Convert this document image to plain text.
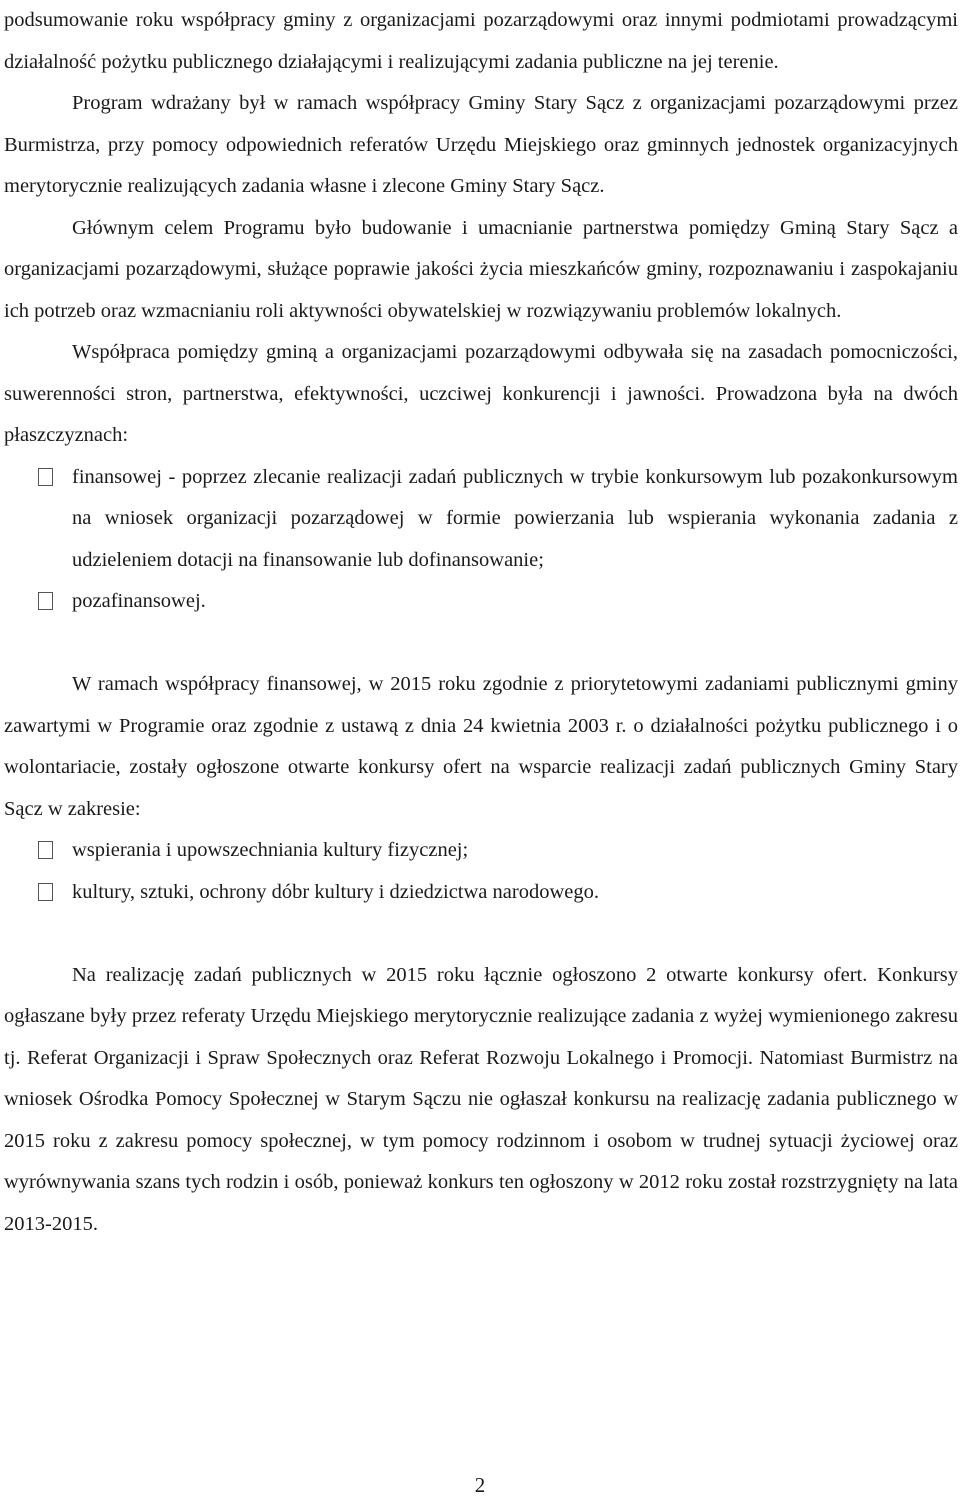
podsumowanie roku współpracy gminy z organizacjami pozarządowymi oraz innymi podmiotami prowadzącymi działalność pożytku publicznego działającymi i realizującymi zadania publiczne na jej terenie.

Program wdrażany był w ramach współpracy Gminy Stary Sącz z organizacjami pozarządowymi przez Burmistrza, przy pomocy odpowiednich referatów Urzędu Miejskiego oraz gminnych jednostek organizacyjnych merytorycznie realizujących zadania własne i zlecone Gminy Stary Sącz.

Głównym celem Programu było budowanie i umacnianie partnerstwa pomiędzy Gminą Stary Sącz a organizacjami pozarządowymi, służące poprawie jakości życia mieszkańców gminy, rozpoznawaniu i zaspokajaniu ich potrzeb oraz wzmacnianiu roli aktywności obywatelskiej w rozwiązywaniu problemów lokalnych.

Współpraca pomiędzy gminą a organizacjami pozarządowymi odbywała się na zasadach pomocniczości, suwerenności stron, partnerstwa, efektywności, uczciwej konkurencji i jawności. Prowadzona była na dwóch płaszczyznach:

finansowej - poprzez zlecanie realizacji zadań publicznych w trybie konkursowym lub pozakonkursowym na wniosek organizacji pozarządowej w formie powierzania lub wspierania wykonania zadania z udzieleniem dotacji na finansowanie lub dofinansowanie;
pozafinansowej.

W ramach współpracy finansowej, w 2015 roku zgodnie z priorytetowymi zadaniami publicznymi gminy zawartymi w Programie oraz zgodnie z ustawą z dnia 24 kwietnia 2003 r. o działalności pożytku publicznego i o wolontariacie, zostały ogłoszone otwarte konkursy ofert na wsparcie realizacji zadań publicznych Gminy Stary Sącz w zakresie:

wspierania i upowszechniania kultury fizycznej;
kultury, sztuki, ochrony dóbr kultury i dziedzictwa narodowego.

Na realizację zadań publicznych w 2015 roku łącznie ogłoszono 2 otwarte konkursy ofert. Konkursy ogłaszane były przez referaty Urzędu Miejskiego merytorycznie realizujące zadania z wyżej wymienionego zakresu tj. Referat Organizacji i Spraw Społecznych oraz Referat Rozwoju Lokalnego i Promocji. Natomiast Burmistrz na wniosek Ośrodka Pomocy Społecznej w Starym Sączu nie ogłaszał konkursu na realizację zadania publicznego w 2015 roku z zakresu pomocy społecznej, w tym pomocy rodzinnom i osobom w trudnej sytuacji życiowej oraz wyrównywania szans tych rodzin i osób, ponieważ konkurs ten ogłoszony w 2012 roku został rozstrzygnięty na lata 2013-2015.

2
